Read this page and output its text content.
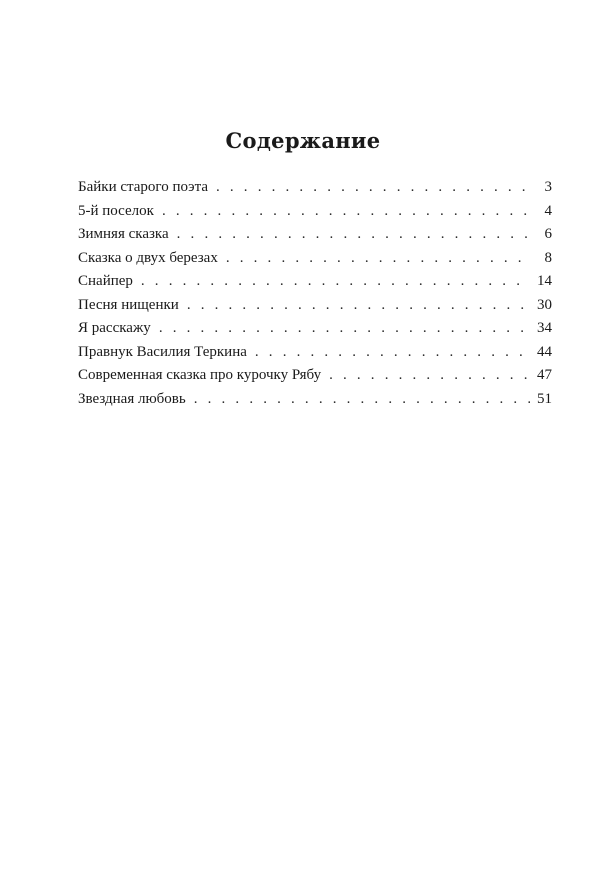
Содержание
Байки старого поэта . . .	3
5-й поселок . . .	4
Зимняя сказка . . .	6
Сказка о двух березах . . .	8
Снайпер . . .	14
Песня нищенки . . .	30
Я расскажу . . .	34
Правнук Василия Теркина . . .	44
Современная сказка про курочку Рябу . . .	47
Звездная любовь . . .	51
